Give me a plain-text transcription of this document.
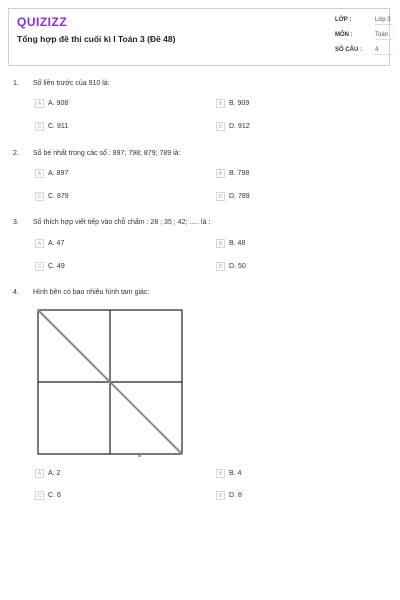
QUIZIZZ
Tổng hợp đề thi cuối kì I Toán 3 (Đề 48)
LỚP :	Lớp 3
MÔN :	Toán
SỐ CÂU : 4
1. Số liền trước của 910 là:
A A. 908	B B. 909
C C. 911	D D. 912
2. Số bé nhất trong các số : 897; 798; 879; 789 là:
A A. 897	B B. 798
C C. 879	D D. 789
3. Số thích hợp viết tiếp vào chỗ chấm : 28 ; 35 ; 42; ..... là :
A A. 47	B B. 48
C C. 49	D D. 50
4. Hình bên có bao nhiêu hình tam giác:
A A. 2	B B. 4
C C. 6	D D. 8
